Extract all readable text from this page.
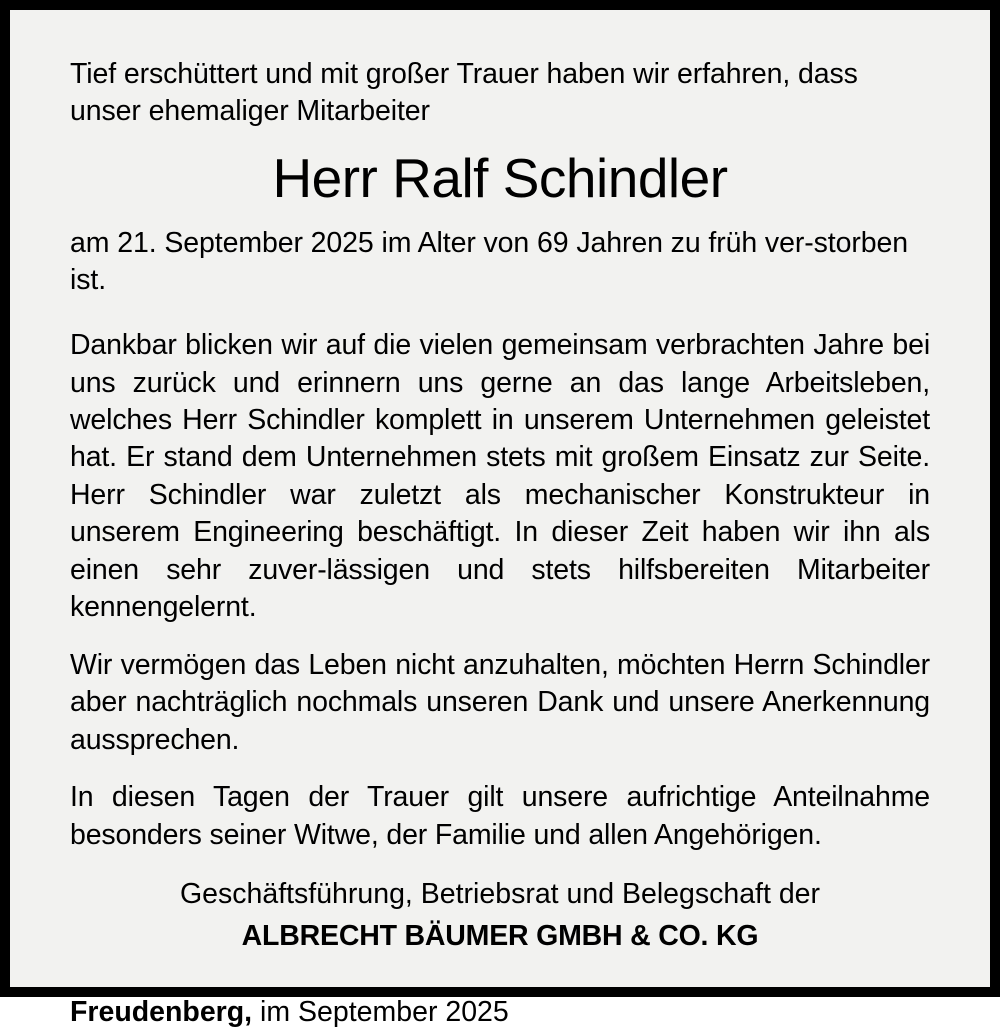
Tief erschüttert und mit großer Trauer haben wir erfahren, dass unser ehemaliger Mitarbeiter

Herr Ralf Schindler

am 21. September 2025 im Alter von 69 Jahren zu früh ver-storben ist.

Dankbar blicken wir auf die vielen gemeinsam verbrachten Jahre bei uns zurück und erinnern uns gerne an das lange Arbeitsleben, welches Herr Schindler komplett in unserem Unternehmen geleistet hat. Er stand dem Unternehmen stets mit großem Einsatz zur Seite. Herr Schindler war zuletzt als mechanischer Konstrukteur in unserem Engineering beschäftigt. In dieser Zeit haben wir ihn als einen sehr zuver-lässigen und stets hilfsbereiten Mitarbeiter kennengelernt.

Wir vermögen das Leben nicht anzuhalten, möchten Herrn Schindler aber nachträglich nochmals unseren Dank und unsere Anerkennung aussprechen.

In diesen Tagen der Trauer gilt unsere aufrichtige Anteilnahme besonders seiner Witwe, der Familie und allen Angehörigen.

Geschäftsführung, Betriebsrat und Belegschaft der

ALBRECHT BÄUMER GMBH & CO. KG

Freudenberg, im September 2025
